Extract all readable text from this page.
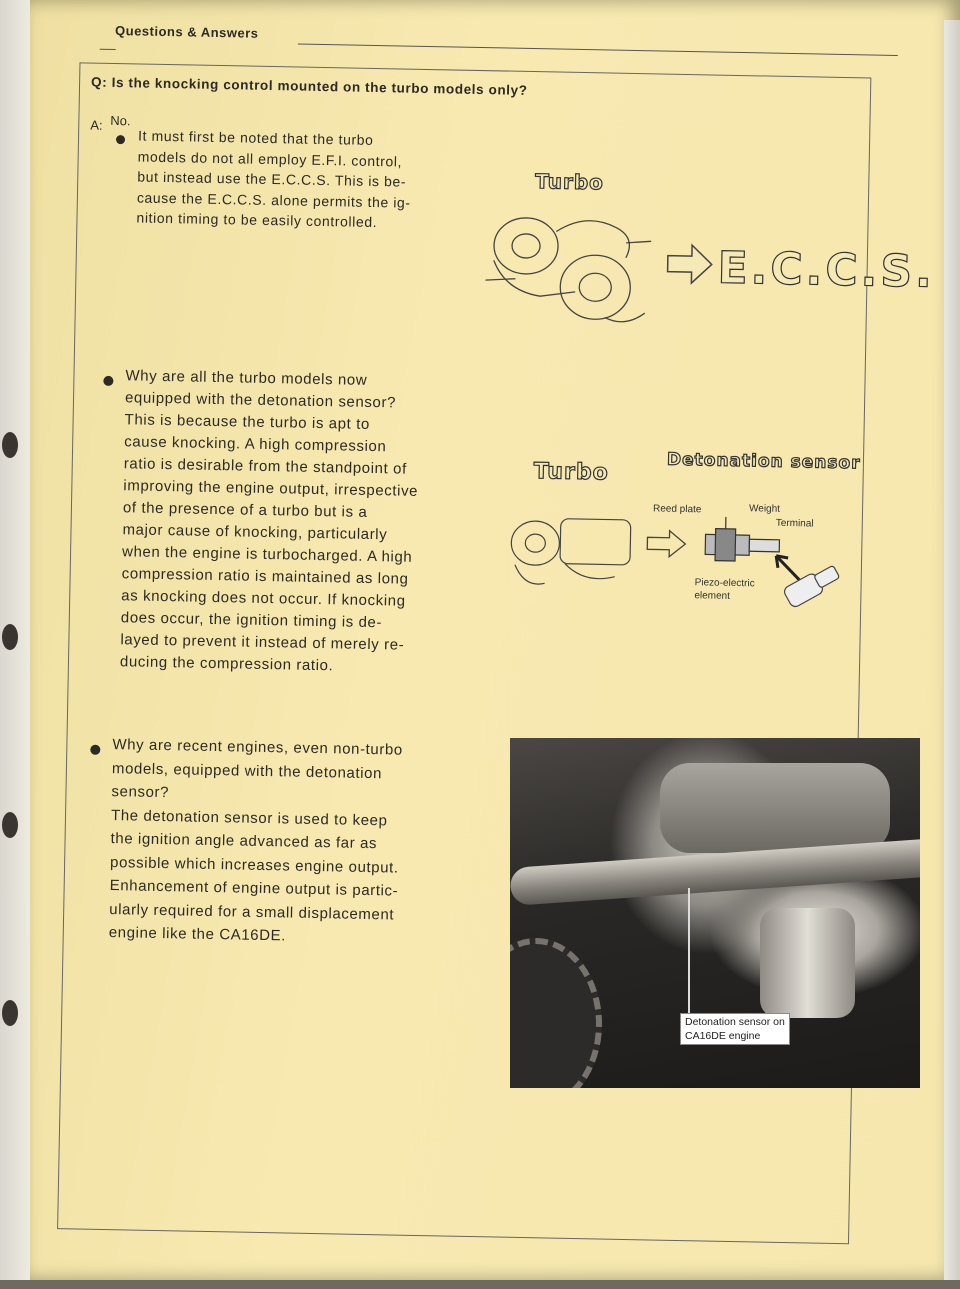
Questions & Answers
Q: Is the knocking control mounted on the turbo models only?
A: No.

It must first be noted that the turbo
models do not all employ E.F.I. control,
but instead use the E.C.C.S. This is be-
cause the E.C.C.S. alone permits the ig-
nition timing to be easily controlled.

Turbo
E.C.C.S.

Why are all the turbo models now
equipped with the detonation sensor?
This is because the turbo is apt to
cause knocking. A high compression
ratio is desirable from the standpoint of
improving the engine output, irrespective
of the presence of a turbo but is a
major cause of knocking, particularly
when the engine is turbocharged. A high
compression ratio is maintained as long
as knocking does not occur. If knocking
does occur, the ignition timing is de-
layed to prevent it instead of merely re-
ducing the compression ratio.

Turbo	Detonation sensor
Reed plate	Weight
Terminal
Piezo-electric
element

Why are recent engines, even non-turbo
models, equipped with the detonation
sensor?
The detonation sensor is used to keep
the ignition angle advanced as far as
possible which increases engine output.
Enhancement of engine output is partic-
ularly required for a small displacement
engine like the CA16DE.

Detonation sensor on
CA16DE engine
